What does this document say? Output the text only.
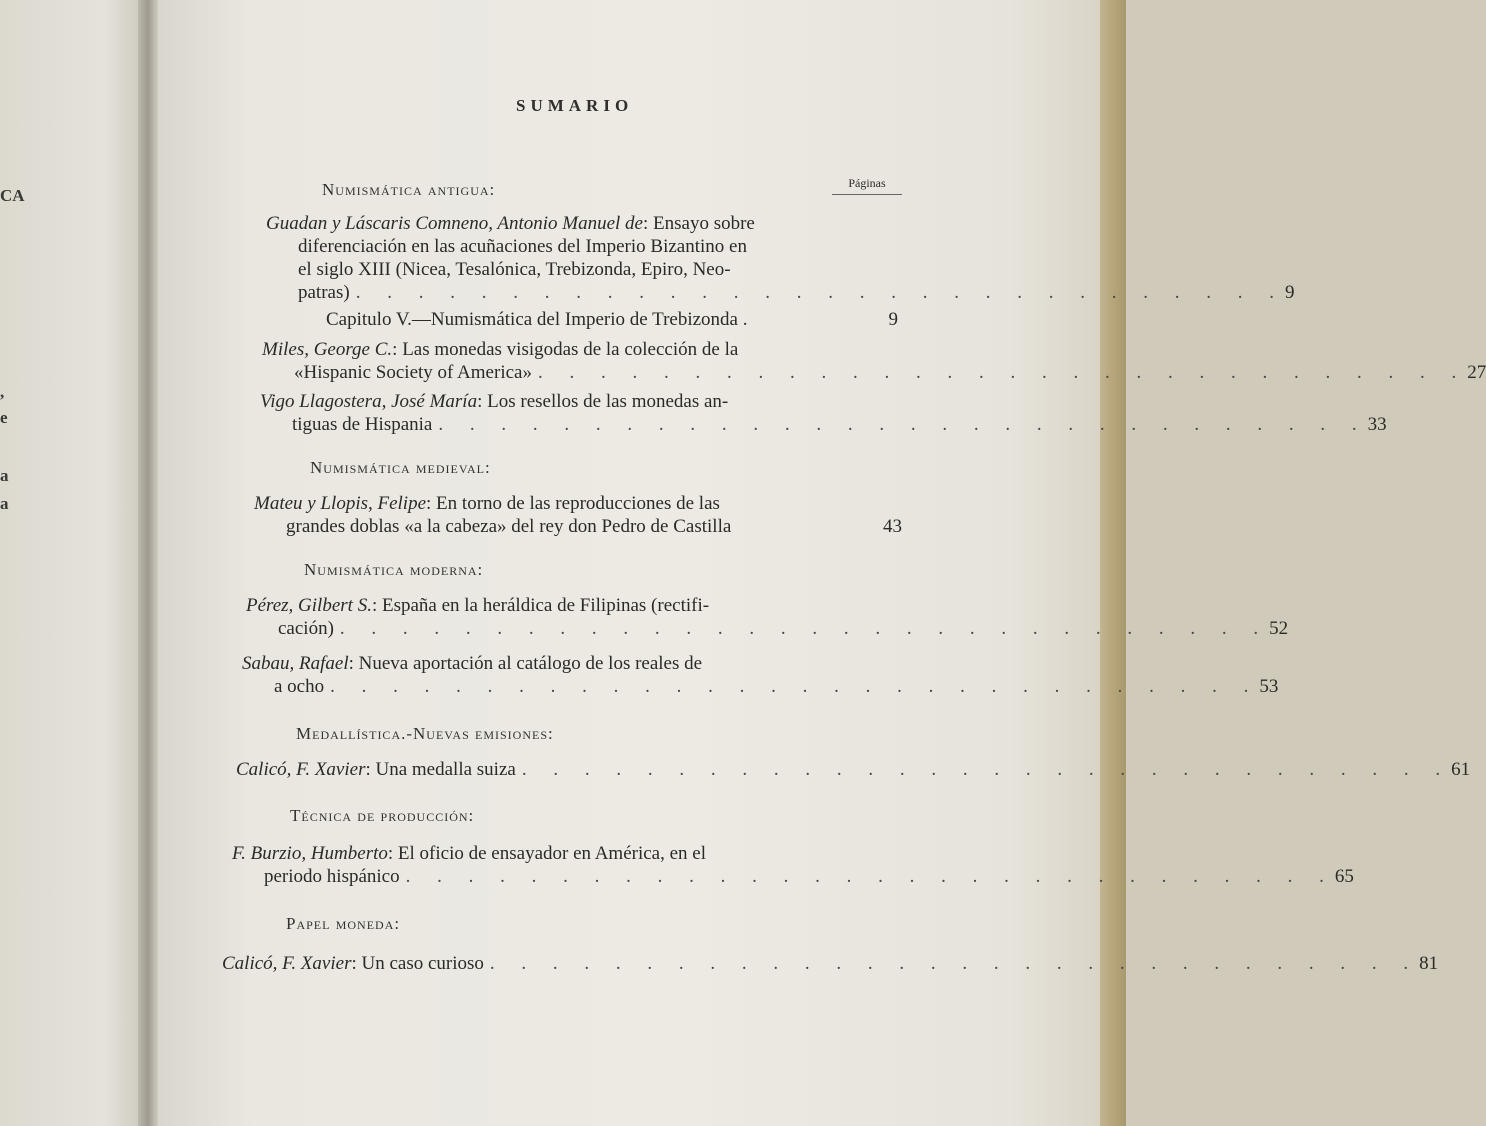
CA
,
e
a
a
SUMARIO
Páginas
Numismática antigua:
Numismática medieval:
Numismática moderna:
Medallística.-Nuevas emisiones:
Técnica de producción:
Papel moneda:
Guadan y Láscaris Comneno, Antonio Manuel de: Ensayo sobre
diferenciación en las acuñaciones del Imperio Bizantino en
el siglo XIII (Nicea, Tesalónica, Trebizonda, Epiro, Neo-
patras) . . . . . . . . . . . . . . . . . . . . . . . . . . . . . . 9
Capitulo V.—Numismática del Imperio de Trebizonda .	9
Miles, George C.: Las monedas visigodas de la colección de la
«Hispanic Society of America» . . . . . . . . . . . . . . . . . . . . . . . . . . . . . . 27
Vigo Llagostera, José María: Los resellos de las monedas an-
tiguas de Hispania . . . . . . . . . . . . . . . . . . . . . . . . . . . . . . 33
Mateu y Llopis, Felipe: En torno de las reproducciones de las
grandes doblas «a la cabeza» del rey don Pedro de Castilla	43
Pérez, Gilbert S.: España en la heráldica de Filipinas (rectifi-
cación) . . . . . . . . . . . . . . . . . . . . . . . . . . . . . . 52
Sabau, Rafael: Nueva aportación al catálogo de los reales de
a ocho . . . . . . . . . . . . . . . . . . . . . . . . . . . . . . 53
Calicó, F. Xavier : Una medalla suiza . . . . . . . . . . . . . . . . . . . . . . . . . . . . . . 61
F. Burzio, Humberto: El oficio de ensayador en América, en el
periodo hispánico . . . . . . . . . . . . . . . . . . . . . . . . . . . . . . 65
Calicó, F. Xavier : Un caso curioso . . . . . . . . . . . . . . . . . . . . . . . . . . . . . . 81
